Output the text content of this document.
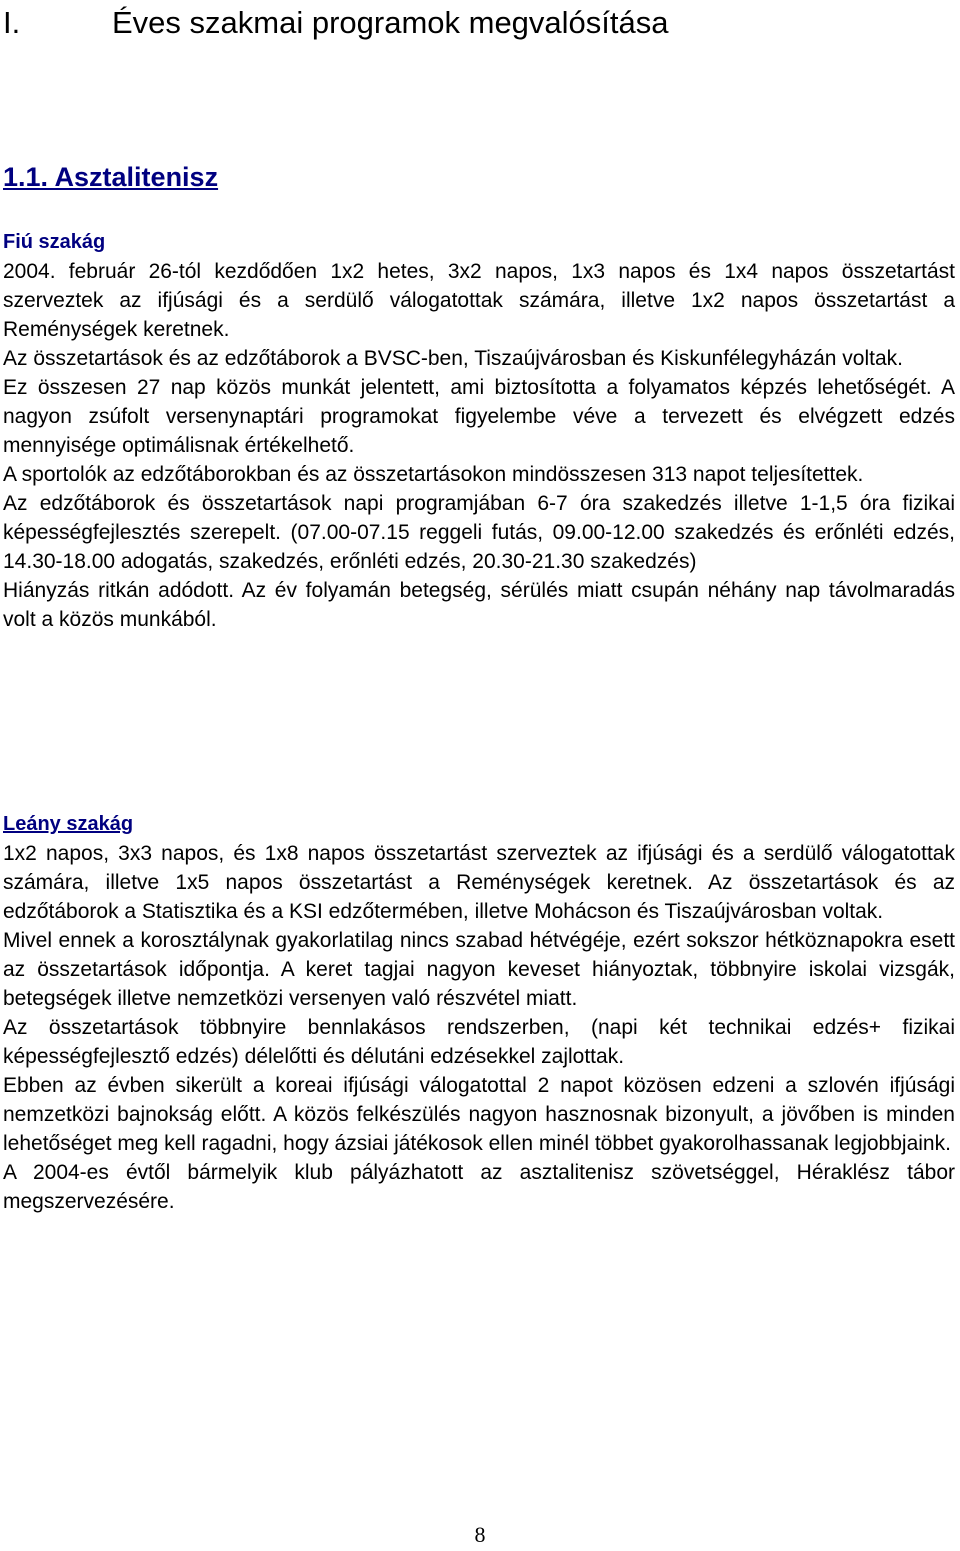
I.	Éves szakmai programok megvalósítása
1.1. Asztalitenisz
Fiú szakág

2004. február 26-tól kezdődően 1x2 hetes, 3x2 napos, 1x3 napos és 1x4 napos összetartást szerveztek az ifjúsági és a serdülő válogatottak számára, illetve 1x2 napos összetartást a Reménységek keretnek.

Az összetartások és az edzőtáborok a BVSC-ben, Tiszaújvárosban és Kiskunfélegyházán voltak.

Ez összesen 27 nap közös munkát jelentett, ami biztosította a folyamatos képzés lehetőségét. A nagyon zsúfolt versenynaptári programokat figyelembe véve a tervezett és elvégzett edzés mennyisége optimálisnak értékelhető.

A sportolók az edzőtáborokban és az összetartásokon mindösszesen 313 napot teljesítettek.

Az edzőtáborok és összetartások napi programjában 6-7 óra szakedzés illetve 1-1,5 óra fizikai képességfejlesztés szerepelt. (07.00-07.15 reggeli futás, 09.00-12.00 szakedzés és erőnléti edzés, 14.30-18.00 adogatás, szakedzés, erőnléti edzés, 20.30-21.30 szakedzés)

Hiányzás ritkán adódott. Az év folyamán betegség, sérülés miatt csupán néhány nap távolmaradás volt a közös munkából.

Leány szakág

1x2 napos, 3x3 napos, és 1x8 napos összetartást szerveztek az ifjúsági és a serdülő válogatottak számára, illetve 1x5 napos összetartást a Reménységek keretnek. Az összetartások és az edzőtáborok a Statisztika és a KSI edzőtermében, illetve Mohácson és Tiszaújvárosban voltak.

Mivel ennek a korosztálynak gyakorlatilag nincs szabad hétvégéje, ezért sokszor hétköznapokra esett az összetartások időpontja. A keret tagjai nagyon keveset hiányoztak, többnyire iskolai vizsgák, betegségek illetve nemzetközi versenyen való részvétel miatt.

Az összetartások többnyire bennlakásos rendszerben, (napi két technikai edzés+ fizikai képességfejlesztő edzés) délelőtti és délutáni edzésekkel zajlottak.

Ebben az évben sikerült a koreai ifjúsági válogatottal 2 napot közösen edzeni a szlovén ifjúsági nemzetközi bajnokság előtt. A közös felkészülés nagyon hasznosnak bizonyult, a jövőben is minden lehetőséget meg kell ragadni, hogy ázsiai játékosok ellen minél többet gyakorolhassanak legjobbjaink.

A 2004-es évtől bármelyik klub pályázhatott az asztalitenisz szövetséggel, Héraklész tábor megszervezésére.

8
